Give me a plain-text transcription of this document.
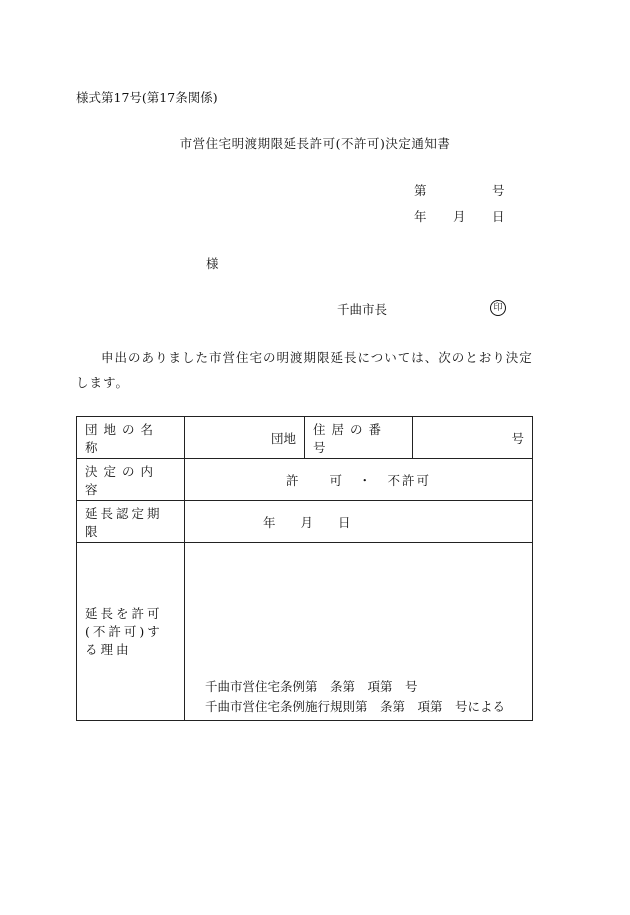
様式第17号(第17条関係)
市営住宅明渡期限延長許可(不許可)決定通知書
第	号
年 月 日
様
千曲市長	印
申出のありました市営住宅の明渡期限延長については、次のとおり決定します。
団地の名称	団地	住居の番号	号
決定の内容	許　　可　・　不許可		
延長認定期限	年　　月　　日		
延長を許可(不許可)する理由	千曲市営住宅条例第　条第　項第　号
千曲市営住宅条例施行規則第　条第　項第　号による		
